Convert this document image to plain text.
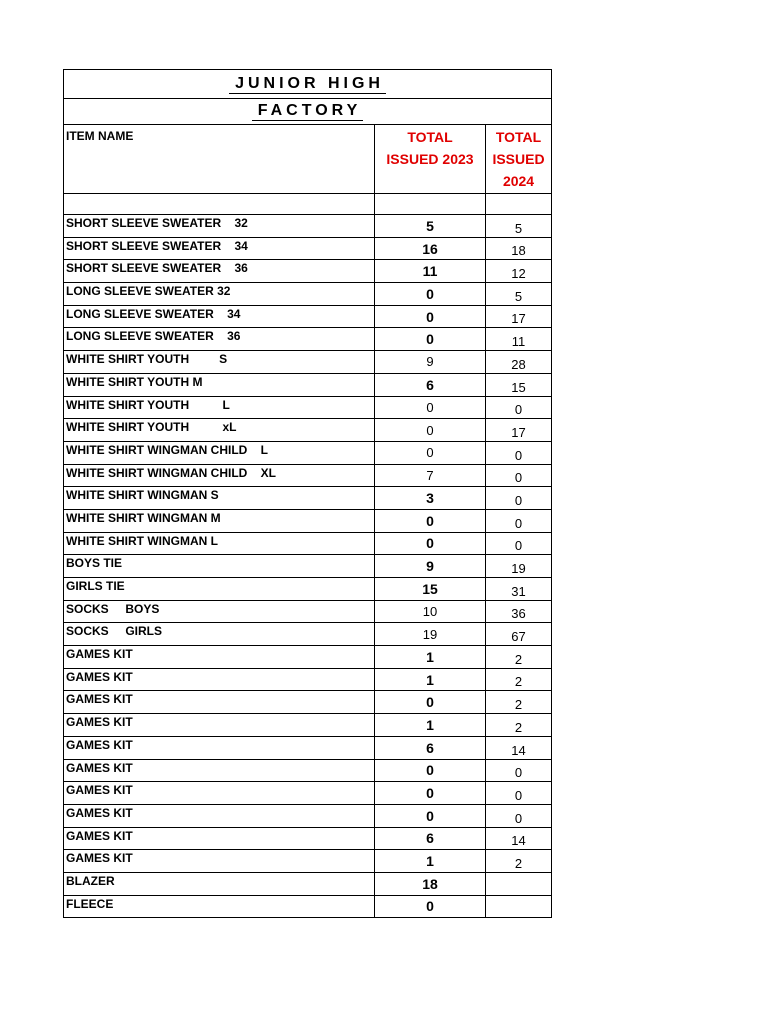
JUNIOR HIGH		
FACTORY		
ITEM NAME	TOTAL ISSUED 2023	TOTAL ISSUED 2024

SHORT SLEEVE SWEATER    32	5	5
SHORT SLEEVE SWEATER    34	16	18
SHORT SLEEVE SWEATER    36	11	12
LONG SLEEVE SWEATER 32	0	5
LONG SLEEVE SWEATER    34	0	17
LONG SLEEVE SWEATER    36	0	11
WHITE SHIRT YOUTH         S	9	28
WHITE SHIRT YOUTH M	6	15
WHITE SHIRT YOUTH          L	0	0
WHITE SHIRT YOUTH          xL	0	17
WHITE SHIRT WINGMAN CHILD    L	0	0
WHITE SHIRT WINGMAN CHILD    XL	7	0
WHITE SHIRT WINGMAN S	3	0
WHITE SHIRT WINGMAN M	0	0
WHITE SHIRT WINGMAN L	0	0
BOYS TIE	9	19
GIRLS TIE	15	31
SOCKS     BOYS	10	36
SOCKS     GIRLS	19	67
GAMES KIT	1	2
GAMES KIT	1	2
GAMES KIT	0	2
GAMES KIT	1	2
GAMES KIT	6	14
GAMES KIT	0	0
GAMES KIT	0	0
GAMES KIT	0	0
GAMES KIT	6	14
GAMES KIT	1	2
BLAZER	18	
FLEECE	0	
